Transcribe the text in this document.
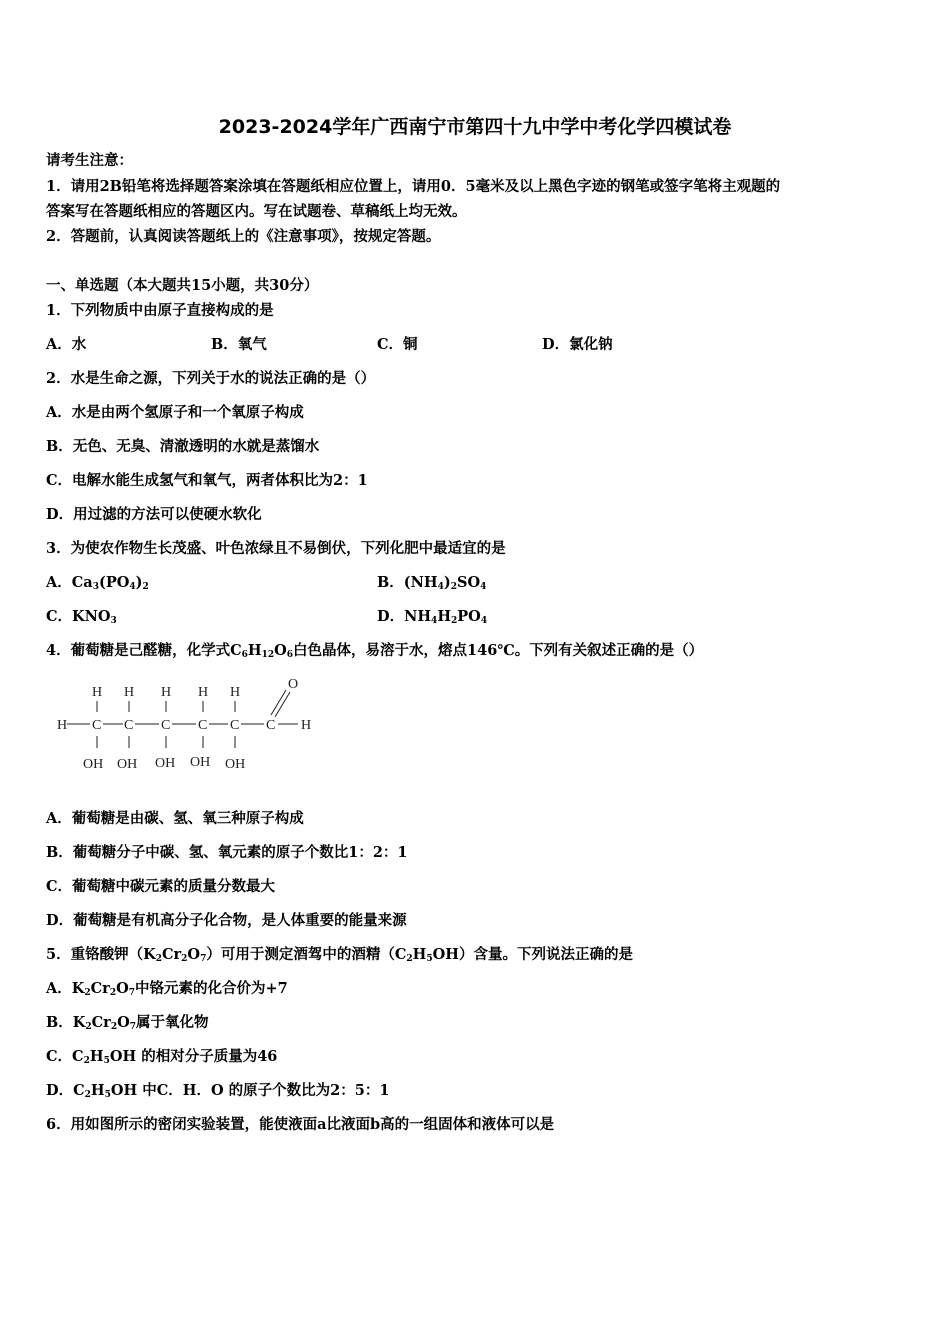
2023-2024学年广西南宁市第四十九中学中考化学四模试卷
请考生注意：
1．请用2B铅笔将选择题答案涂填在答题纸相应位置上，请用0．5毫米及以上黑色字迹的钢笔或签字笔将主观题的
答案写在答题纸相应的答题区内。写在试题卷、草稿纸上均无效。
2．答题前，认真阅读答题纸上的《注意事项》，按规定答题。
一、单选题（本大题共15小题，共30分）
1．下列物质中由原子直接构成的是
A．水	B．氧气	C．铜	D．氯化钠
2．水是生命之源，下列关于水的说法正确的是（）
A．水是由两个氢原子和一个氧原子构成
B．无色、无臭、清澈透明的水就是蒸馏水
C．电解水能生成氢气和氧气，两者体积比为2：1
D．用过滤的方法可以使硬水软化
3．为使农作物生长茂盛、叶色浓绿且不易倒伏，下列化肥中最适宜的是
A．$Ca_3(PO_4)_2$	B．$(NH_4)_2SO_4$
C．$KNO_3$	D．$NH_4H_2PO_4$
4．葡萄糖是己醛糖，化学式$C_6H_{12}O_6$白色晶体，易溶于水，熔点146℃。下列有关叙述正确的是（）
H H H H H
O
H C C C C C C H
OH OH OH OH OH
A．葡萄糖是由碳、氢、氧三种原子构成
B．葡萄糖分子中碳、氢、氧元素的原子个数比1：2：1
C．葡萄糖中碳元素的质量分数最大
D．葡萄糖是有机高分子化合物，是人体重要的能量来源
5．重铬酸钾$(K_2Cr_2O_7)$可用于测定酒驾中的酒精$(C_2H_5OH)$含量。下列说法正确的是
A．$K_2Cr_2O_7$中铬元素的化合价为+7
B．$K_2Cr_2O_7$属于氧化物
C．$C_2H_5OH$ 的相对分子质量为46
D．$C_2H_5OH$ 中C．H．O 的原子个数比为2：5：1
6．用如图所示的密闭实验装置，能使液面a比液面b高的一组固体和液体可以是
